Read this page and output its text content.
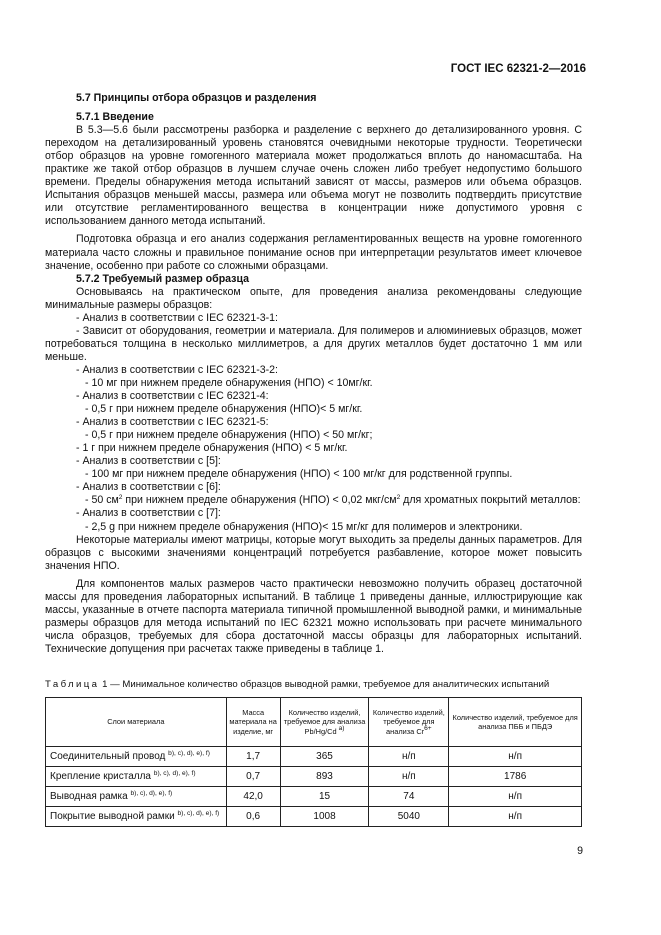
ГОСТ IEC 62321-2—2016

5.7 Принципы отбора образцов и разделения

5.7.1 Введение

В 5.3—5.6 были рассмотрены разборка и разделение с верхнего до детализированного уровня. С переходом на детализированный уровень становятся очевидными некоторые трудности. Теоретически отбор образцов на уровне гомогенного материала может продолжаться вплоть до наномасштаба. На практике же такой отбор образцов в лучшем случае очень сложен либо требует недопустимо большого времени. Пределы обнаружения метода испытаний зависят от массы, размеров или объема образцов. Испытания образцов меньшей массы, размера или объема могут не позволить подтвердить присутствие или отсутствие регламентированного вещества в концентрации ниже допустимого уровня с использованием данного метода испытаний.

Подготовка образца и его анализ содержания регламентированных веществ на уровне гомогенного материала часто сложны и правильное понимание основ при интерпретации результатов имеет ключевое значение, особенно при работе со сложными образцами.

5.7.2 Требуемый размер образца

Основываясь на практическом опыте, для проведения анализа рекомендованы следующие минимальные размеры образцов:

- Анализ в соответствии с IEC 62321-3-1:

- Зависит от оборудования, геометрии и материала. Для полимеров и алюминиевых образцов, может потребоваться толщина в несколько миллиметров, а для других металлов будет достаточно 1 мм или меньше.

- Анализ в соответствии с IEC 62321-3-2:

- 10 мг при нижнем пределе обнаружения (НПО) < 10мг/кг.

- Анализ в соответствии с IEC 62321-4:

- 0,5 г при нижнем пределе обнаружения (НПО)< 5 мг/кг.

- Анализ в соответствии с IEC 62321-5:

- 0,5 г при нижнем пределе обнаружения (НПО) < 50 мг/кг;

- 1 г при нижнем пределе обнаружения (НПО) < 5 мг/кг.

- Анализ в соответствии с [5]:

- 100 мг при нижнем пределе обнаружения (НПО) < 100 мг/кг для родственной группы.

- Анализ в соответствии с [6]:

- 50 $см^2$ при нижнем пределе обнаружения (НПО) < 0,02 мкг/$см^2$ для хроматных покрытий металлов:

- Анализ в соответствии с [7]:

- 2,5 g при нижнем пределе обнаружения (НПО)< 15 мг/кг для полимеров и электроники.

Некоторые материалы имеют матрицы, которые могут выходить за пределы данных параметров. Для образцов с высокими значениями концентраций потребуется разбавление, которое может повысить значения НПО.

Для компонентов малых размеров часто практически невозможно получить образец достаточной массы для проведения лабораторных испытаний. В таблице 1 приведены данные, иллюстрирующие как массы, указанные в отчете паспорта материала типичной промышленной выводной рамки, и минимальные размеры образцов для метода испытаний по IEC 62321 можно использовать при расчете минимального числа образцов, требуемых для сбора достаточной массы образцы для лабораторных испытаний. Технические допущения при расчетах также приведены в таблице 1.

Таблица 1 — Минимальное количество образцов выводной рамки, требуемое для аналитических испытаний
Слои материала	Масса материала на изделие, мг	Количество изделий, требуемое для анализа Pb/Hg/Cd $^{a)}$	Количество изделий, требуемое для анализа $Cr^{6+}$	Количество изделий, требуемое для анализа ПББ и ПБДЭ
Соединительный провод $^{b), c), d), e), f)}$	1,7	365	н/п	н/п
Крепление кристалла $^{b), c), d), e), f)}$	0,7	893	н/п	1786
Выводная рамка $^{b), c), d), e), f)}$	42,0	15	74	н/п
Покрытие выводной рамки $^{b), c), d), e), f)}$	0,6	1008	5040	н/п
9
